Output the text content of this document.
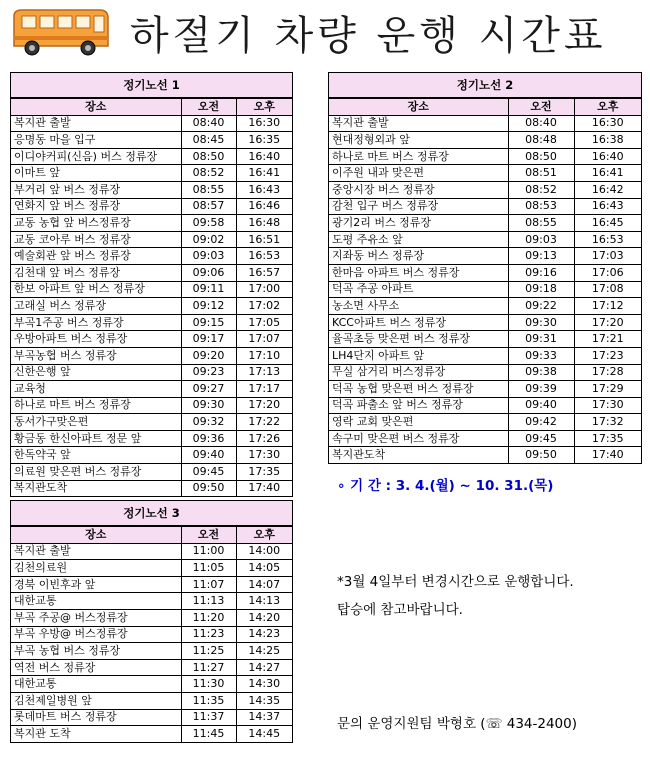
하절기 차량 운행 시간표
정기노선 1
장소	오전	오후
복지관 출발	08:40	16:30
응명동 마을 입구	08:45	16:35
이디야커피(신음) 버스 정류장	08:50	16:40
이마트 앞	08:52	16:41
부거리 앞 버스 정류장	08:55	16:43
연화지 앞 버스 정류장	08:57	16:46
교동 농협 앞 버스정류장	09:58	16:48
교동 코아루 버스 정류장	09:02	16:51
예술회관 앞 버스 정류장	09:03	16:53
김천대 앞 버스 정류장	09:06	16:57
한보 아파트 앞 버스 정류장	09:11	17:00
고래실 버스 정류장	09:12	17:02
부곡1주공 버스 정류장	09:15	17:05
우방아파트 버스 정류장	09:17	17:07
부곡농협 버스 정류장	09:20	17:10
신한은행 앞	09:23	17:13
교육청	09:27	17:17
하나로 마트 버스 정류장	09:30	17:20
동서가구맞은편	09:32	17:22
황금동 한신아파트 정문 앞	09:36	17:26
한독약국 앞	09:40	17:30
의료원 맞은편 버스 정류장	09:45	17:35
복지관도착	09:50	17:40
정기노선 2
장소	오전	오후
복지관 출발	08:40	16:30
현대정형외과 앞	08:48	16:38
하나로 마트 버스 정류장	08:50	16:40
이주원 내과 맞은편	08:51	16:41
중앙시장 버스 정류장	08:52	16:42
감천 입구 버스 정류장	08:53	16:43
광기2리 버스 정류장	08:55	16:45
도평 주유소 앞	09:03	16:53
지좌동 버스 정류장	09:13	17:03
한마음 아파트 버스 정류장	09:16	17:06
덕곡 주공 아파트	09:18	17:08
농소면 사무소	09:22	17:12
KCC아파트 버스 정류장	09:30	17:20
율곡초등 맞은편 버스 정류장	09:31	17:21
LH4단지 아파트 앞	09:33	17:23
무실 삼거리 버스정류장	09:38	17:28
덕곡 농협 맞은편 버스 정류장	09:39	17:29
덕곡 파출소 앞 버스 정류장	09:40	17:30
영락 교회 맞은편	09:42	17:32
속구미 맞은편 버스 정류장	09:45	17:35
복지관도착	09:50	17:40
정기노선 3
장소	오전	오후
복지관 출발	11:00	14:00
김천의료원	11:05	14:05
경북 이빈후과 앞	11:07	14:07
대한교통	11:13	14:13
부곡 주공@ 버스정류장	11:20	14:20
부곡 우방@ 버스정류장	11:23	14:23
부곡 농협 버스 정류장	11:25	14:25
역전 버스 정류장	11:27	14:27
대한교통	11:30	14:30
김천제일병원 앞	11:35	14:35
롯데마트 버스 정류장	11:37	14:37
복지관 도착	11:45	14:45
∘ 기 간 : 3. 4.(월) ~ 10. 31.(목)
*3월 4일부터 변경시간으로 운행합니다.
탑승에 참고바랍니다.
문의 운영지원팀 박형호 (☏ 434-2400)
